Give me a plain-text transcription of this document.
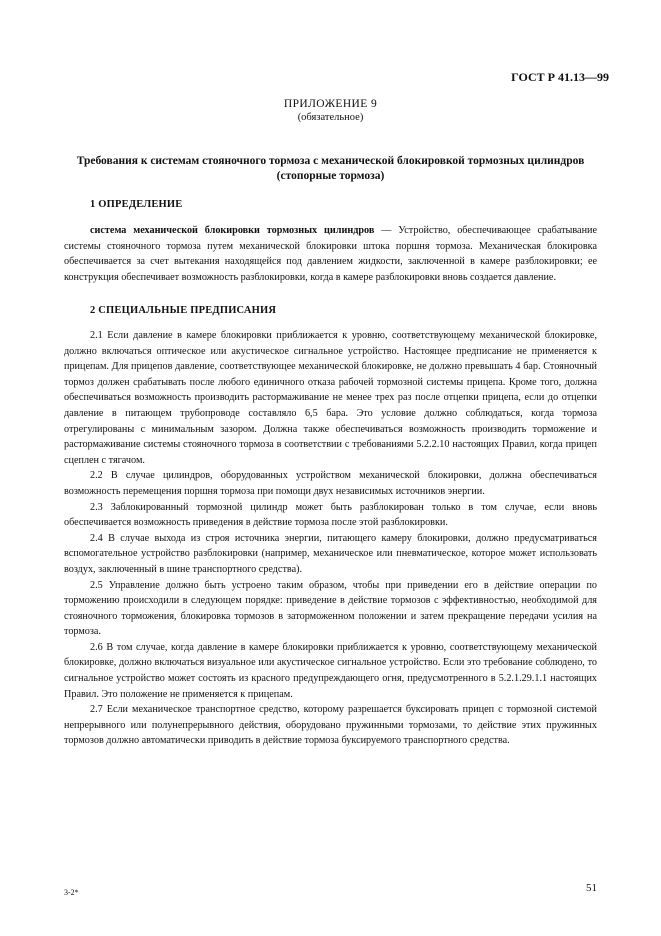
ГОСТ Р 41.13—99
ПРИЛОЖЕНИЕ 9
(обязательное)
Требования к системам стояночного тормоза с механической блокировкой тормозных цилиндров (стопорные тормоза)
1 ОПРЕДЕЛЕНИЕ

система механической блокировки тормозных цилиндров — Устройство, обеспечивающее срабатывание системы стояночного тормоза путем механической блокировки штока поршня тормоза. Механическая блокировка обеспечивается за счет вытекания находящейся под давлением жидкости, заключенной в камере разблокировки; ее конструкция обеспечивает возможность разблокировки, когда в камере разблокировки вновь создается давление.

2 СПЕЦИАЛЬНЫЕ ПРЕДПИСАНИЯ

2.1 Если давление в камере блокировки приближается к уровню, соответствующему механической блокировке, должно включаться оптическое или акустическое сигнальное устройство. Настоящее предписание не применяется к прицепам. Для прицепов давление, соответствующее механической блокировке, не должно превышать 4 бар. Стояночный тормоз должен срабатывать после любого единичного отказа рабочей тормозной системы прицепа. Кроме того, должна обеспечиваться возможность производить растормаживание не менее трех раз после отцепки прицепа, если до отцепки давление в питающем трубопроводе составляло 6,5 бара. Это условие должно соблюдаться, когда тормоза отрегулированы с минимальным зазором. Должна также обеспечиваться возможность производить торможение и растормаживание системы стояночного тормоза в соответствии с требованиями 5.2.2.10 настоящих Правил, когда прицеп сцеплен с тягачом.

2.2 В случае цилиндров, оборудованных устройством механической блокировки, должна обеспечиваться возможность перемещения поршня тормоза при помощи двух независимых источников энергии.

2.3 Заблокированный тормозной цилиндр может быть разблокирован только в том случае, если вновь обеспечивается возможность приведения в действие тормоза после этой разблокировки.

2.4 В случае выхода из строя источника энергии, питающего камеру блокировки, должно предусматриваться вспомогательное устройство разблокировки (например, механическое или пневматическое, которое может использовать воздух, заключенный в шине транспортного средства).

2.5 Управление должно быть устроено таким образом, чтобы при приведении его в действие операции по торможению происходили в следующем порядке: приведение в действие тормозов с эффективностью, необходимой для стояночного торможения, блокировка тормозов в заторможенном положении и затем прекращение передачи усилия на тормоза.

2.6 В том случае, когда давление в камере блокировки приближается к уровню, соответствующему механической блокировке, должно включаться визуальное или акустическое сигнальное устройство. Если это требование соблюдено, то сигнальное устройство может состоять из красного предупреждающего огня, предусмотренного в 5.2.1.29.1.1 настоящих Правил. Это положение не применяется к прицепам.

2.7 Если механическое транспортное средство, которому разрешается буксировать прицеп с тормозной системой непрерывного или полунепрерывного действия, оборудовано пружинными тормозами, то действие этих пружинных тормозов должно автоматически приводить в действие тормоза буксируемого транспортного средства.

3-2*	51
